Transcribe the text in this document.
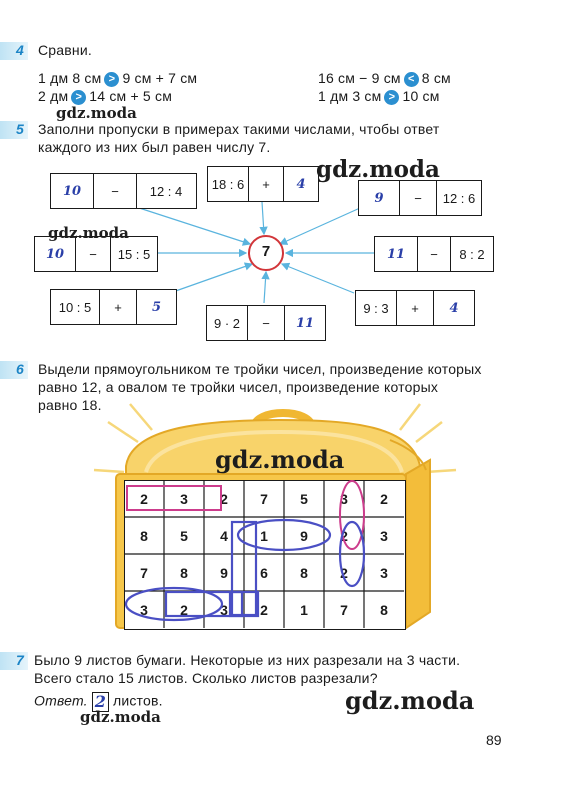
4 Сравни.
1 дм 8 см > 9 см + 7 см
2 дм > 14 см + 5 см
16 см − 9 см < 8 см
1 дм 3 см > 10 см
gdz.moda
5 Заполни пропуски в примерах такими числами, чтобы ответ
каждого из них был равен числу 7.
7
10	−	12 : 4	18 : 6	+	4
9	−	12 : 6
10	−	15 : 5	11	−	8 : 2
10 : 5	+	5
9 · 2	−	11
9 : 3	+	4
gdz.moda
gdz.moda
6 Выдели прямоугольником те тройки чисел, произведение которых
равно 12, а овалом те тройки чисел, произведение которых
равно 18.
2	3	2	7	5	3	2
8	5	4	1	9	2	3
7	8	9	6	8	2	3
3	2	3	2	1	7	8
gdz.moda
7 Было 9 листов бумаги. Некоторые из них разрезали на 3 части.
Всего стало 15 листов. Сколько листов разрезали?
Ответ. 2 листов.
gdz.moda
gdz.moda
89
